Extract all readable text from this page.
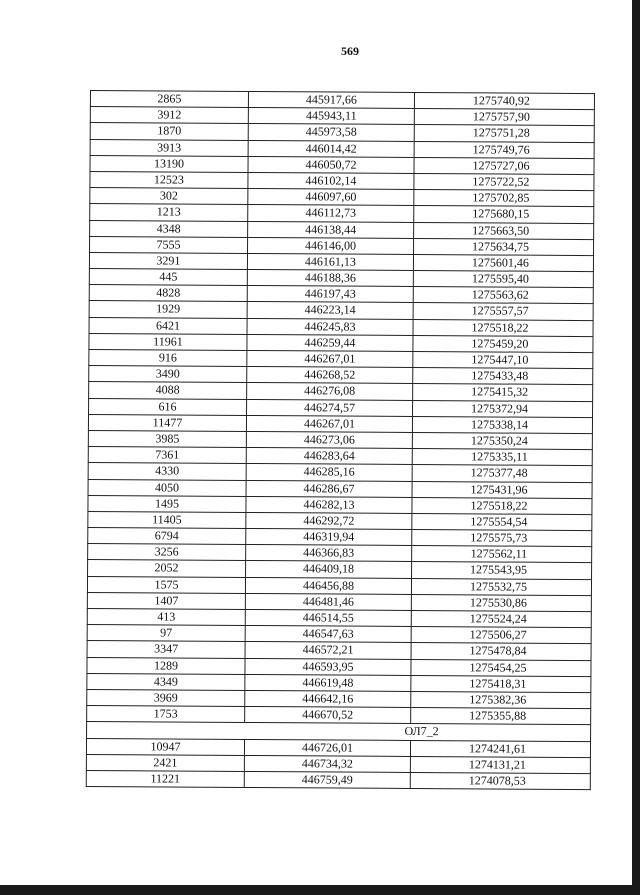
569
2865	445917,66	1275740,92
3912	445943,11	1275757,90
1870	445973,58	1275751,28
3913	446014,42	1275749,76
13190	446050,72	1275727,06
12523	446102,14	1275722,52
302	446097,60	1275702,85
1213	446112,73	1275680,15
4348	446138,44	1275663,50
7555	446146,00	1275634,75
3291	446161,13	1275601,46
445	446188,36	1275595,40
4828	446197,43	1275563,62
1929	446223,14	1275557,57
6421	446245,83	1275518,22
11961	446259,44	1275459,20
916	446267,01	1275447,10
3490	446268,52	1275433,48
4088	446276,08	1275415,32
616	446274,57	1275372,94
11477	446267,01	1275338,14
3985	446273,06	1275350,24
7361	446283,64	1275335,11
4330	446285,16	1275377,48
4050	446286,67	1275431,96
1495	446282,13	1275518,22
11405	446292,72	1275554,54
6794	446319,94	1275575,73
3256	446366,83	1275562,11
2052	446409,18	1275543,95
1575	446456,88	1275532,75
1407	446481,46	1275530,86
413	446514,55	1275524,24
97	446547,63	1275506,27
3347	446572,21	1275478,84
1289	446593,95	1275454,25
4349	446619,48	1275418,31
3969	446642,16	1275382,36
1753	446670,52	1275355,88
ОЛ7_2		
10947	446726,01	1274241,61
2421	446734,32	1274131,21
11221	446759,49	1274078,53
